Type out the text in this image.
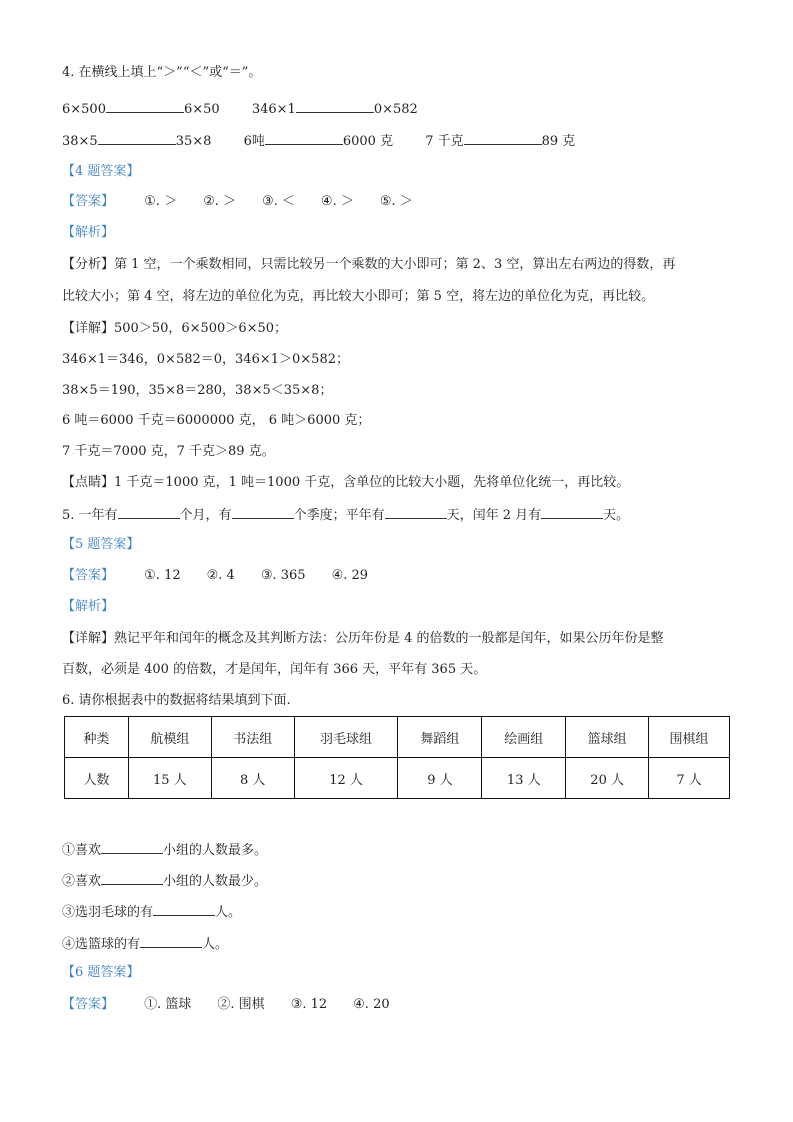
4. 在横线上填上“＞”“＜”或“＝”。
6×500	6×50 346×1	0×582
38×5	35×8 6吨	6000 克 7 千克	89 克
【4 题答案】
【答案】 ①. ＞ ②. ＞ ③. ＜ ④. ＞ ⑤. ＞
【解析】
【分析】第 1 空，一个乘数相同，只需比较另一个乘数的大小即可；第 2、3 空，算出左右两边的得数，再
比较大小；第 4 空，将左边的单位化为克，再比较大小即可；第 5 空，将左边的单位化为克，再比较。
【详解】500＞50，6×500＞6×50；
346×1＝346，0×582＝0，346×1＞0×582；
38×5＝190，35×8＝280，38×5＜35×8；
6 吨＝6000 千克＝6000000 克， 6 吨＞6000 克；
7 千克＝7000 克，7 千克＞89 克。
【点睛】1 千克＝1000 克，1 吨＝1000 千克，含单位的比较大小题，先将单位化统一，再比较。
5. 一年有	个月，有	个季度；平年有	天，闰年 2 月有	天。
【5 题答案】
【答案】 ①. 12 ②. 4 ③. 365 ④. 29
【解析】
【详解】熟记平年和闰年的概念及其判断方法：公历年份是 4 的倍数的一般都是闰年，如果公历年份是整
百数，必须是 400 的倍数，才是闰年，闰年有 366 天，平年有 365 天。
6. 请你根据表中的数据将结果填到下面.
种类	航模组	书法组	羽毛球组	舞蹈组	绘画组	篮球组	围棋组
人数	15 人	8 人	12 人	9 人	13 人	20 人	7 人
①喜欢	小组的人数最多。
②喜欢	小组的人数最少。
③选羽毛球的有	人。
④选篮球的有	人。
【6 题答案】
【答案】 ①. 篮球 ②. 围棋 ③. 12 ④. 20
